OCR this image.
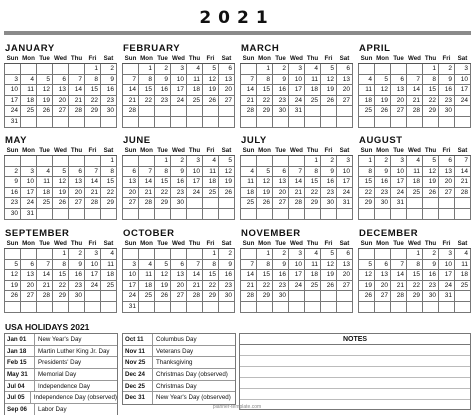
2021
JANUARY
Sun	Mon	Tue	Wed	Thu	Fri	Sat
					1	2
3	4	5	6	7	8	9
10	11	12	13	14	15	16
17	18	19	20	21	22	23
24	25	26	27	28	29	30
31						
FEBRUARY
Sun	Mon	Tue	Wed	Thu	Fri	Sat
	1	2	3	4	5	6
7	8	9	10	11	12	13
14	15	16	17	18	19	20
21	22	23	24	25	26	27
28						

MARCH
Sun	Mon	Tue	Wed	Thu	Fri	Sat
	1	2	3	4	5	6
7	8	9	10	11	12	13
14	15	16	17	18	19	20
21	22	23	24	25	26	27
28	29	30	31			

APRIL
Sun	Mon	Tue	Wed	Thu	Fri	Sat
				1	2	3
4	5	6	7	8	9	10
11	12	13	14	15	16	17
18	19	20	21	22	23	24
25	26	27	28	29	30	

MAY
Sun	Mon	Tue	Wed	Thu	Fri	Sat
						1
2	3	4	5	6	7	8
9	10	11	12	13	14	15
16	17	18	19	20	21	22
23	24	25	26	27	28	29
30	31					
JUNE
Sun	Mon	Tue	Wed	Thu	Fri	Sat
		1	2	3	4	5
6	7	8	9	10	11	12
13	14	15	16	17	18	19
20	21	22	23	24	25	26
27	28	29	30			

JULY
Sun	Mon	Tue	Wed	Thu	Fri	Sat
				1	2	3
4	5	6	7	8	9	10
11	12	13	14	15	16	17
18	19	20	21	22	23	24
25	26	27	28	29	30	31

AUGUST
Sun	Mon	Tue	Wed	Thu	Fri	Sat
1	2	3	4	5	6	7
8	9	10	11	12	13	14
15	16	17	18	19	20	21
22	23	24	25	26	27	28
29	30	31				

SEPTEMBER
Sun	Mon	Tue	Wed	Thu	Fri	Sat
			1	2	3	4
5	6	7	8	9	10	11
12	13	14	15	16	17	18
19	20	21	22	23	24	25
26	27	28	29	30		

OCTOBER
Sun	Mon	Tue	Wed	Thu	Fri	Sat
					1	2
3	4	5	6	7	8	9
10	11	12	13	14	15	16
17	18	19	20	21	22	23
24	25	26	27	28	29	30
31						
NOVEMBER
Sun	Mon	Tue	Wed	Thu	Fri	Sat
	1	2	3	4	5	6
7	8	9	10	11	12	13
14	15	16	17	18	19	20
21	22	23	24	25	26	27
28	29	30				

DECEMBER
Sun	Mon	Tue	Wed	Thu	Fri	Sat
			1	2	3	4
5	6	7	8	9	10	11
12	13	14	15	16	17	18
19	20	21	22	23	24	25
26	27	28	29	30	31	

USA HOLIDAYS 2021
Jan 01	New Year's Day
Jan 18	Martin Luther King Jr. Day
Feb 15	Presidents' Day
May 31	Memorial Day
Jul 04	Independence Day
Jul 05	Independence Day (observed)
Sep 06	Labor Day
Oct 11	Columbus Day
Nov 11	Veterans Day
Nov 25	Thanksgiving
Dec 24	Christmas Day (observed)
Dec 25	Christmas Day
Dec 31	New Year's Day (observed)
NOTES
planner-template.com
